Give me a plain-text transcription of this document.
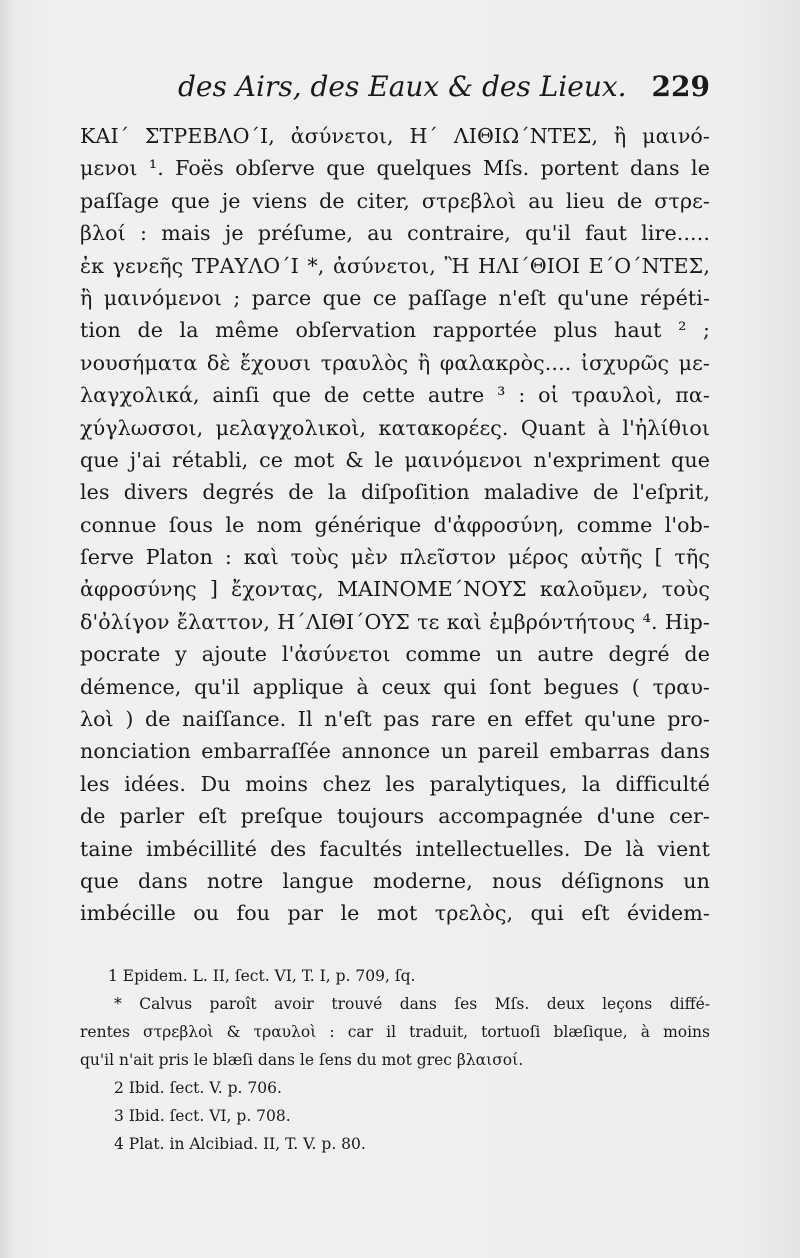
des Airs, des Eaux & des Lieux. 229
ΚΑΙ΄ ΣΤΡΕΒΛΟ΄Ι, ἀσύνετοι, Η΄ ΛΙΘΙΩ΄ΝΤΕΣ, ἢ μαινό-
μενοι ¹. Foës obſerve que quelques Mſs. portent dans le
paſſage que je viens de citer, στρεβλοὶ au lieu de στρε-
βλοί : mais je préſume, au contraire, qu'il faut lire.....
ἐκ γενεῆς ΤΡΑΥΛΟ΄Ι *, ἀσύνετοι, Ἢ ΗΛΙ΄ΘΙΟΙ Ε΄Ο΄ΝΤΕΣ,
ἢ μαινόμενοι ; parce que ce paſſage n'eſt qu'une répéti-
tion de la même obſervation rapportée plus haut ² ;
νουσήματα δὲ ἔχουσι τραυλὸς ἢ φαλακρὸς.... ἰσχυρῶς με-
λαγχολικά, ainſi que de cette autre ³ : οἱ τραυλοὶ, πα-
χύγλωσσοι, μελαγχολικοὶ, κατακορέες. Quant à l'ἠλίθιοι
que j'ai rétabli, ce mot & le μαινόμενοι n'expriment que
les divers degrés de la diſpoſition maladive de l'eſprit,
connue ſous le nom générique d'ἀφροσύνη, comme l'ob-
ſerve Platon : καὶ τοὺς μὲν πλεῖστον μέρος αὐτῆς [ τῆς
ἀφροσύνης ] ἔχοντας, ΜΑΙΝΟΜΕ΄ΝΟΥΣ καλοῦμεν, τοὺς
δ'ὀλίγον ἔλαττον, Η΄ΛΙΘΙ΄ΟΥΣ τε καὶ ἐμβρόντήτους ⁴. Hip-
pocrate y ajoute l'ἀσύνετοι comme un autre degré de
démence, qu'il applique à ceux qui ſont begues ( τραυ-
λοὶ ) de naiſſance. Il n'eſt pas rare en effet qu'une pro-
nonciation embarraſſée annonce un pareil embarras dans
les idées. Du moins chez les paralytiques, la difficulté
de parler eſt preſque toujours accompagnée d'une cer-
taine imbécillité des facultés intellectuelles. De là vient
que dans notre langue moderne, nous déſignons un
imbécille ou fou par le mot τρελὸς, qui eſt évidem-
1 Epidem. L. II, ſect. VI, T. I, p. 709, ſq.
* Calvus paroît avoir trouvé dans ſes Mſs. deux leçons diffé-
rentes στρεβλοὶ & τραυλοὶ : car il traduit, tortuoſi blæſique, à moins
qu'il n'ait pris le blæſi dans le ſens du mot grec βλαισοί.
2 Ibid. ſect. V. p. 706.
3 Ibid. ſect. VI, p. 708.
4 Plat. in Alcibiad. II, T. V. p. 80.
